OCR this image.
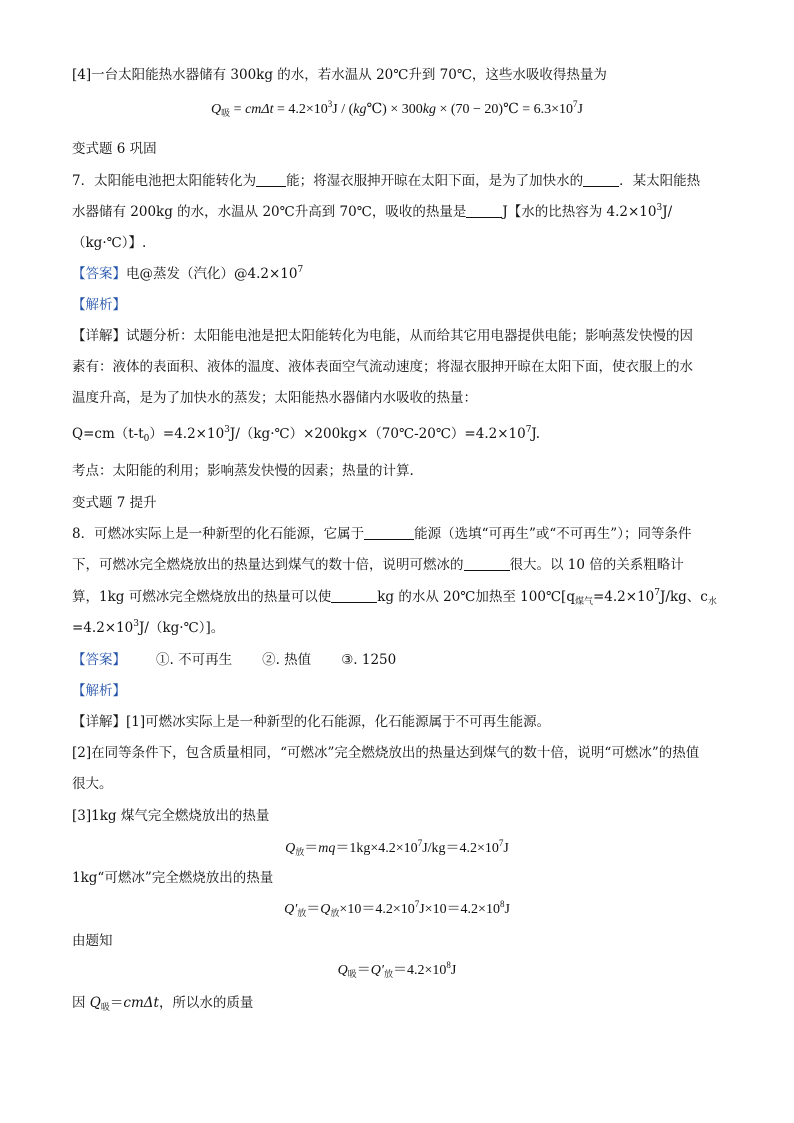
[4]一台太阳能热水器储有 300kg 的水，若水温从 20℃升到 70℃，这些水吸收得热量为
$Q_吸 = cm\Delta t = 4.2\times 10^3J$ / (kg℃) × 300kg × (70 − 20)℃ = $6.3\times 10^7J$
变式题 6 巩固
7．太阳能电池把太阳能转化为 能；将湿衣服抻开晾在太阳下面，是为了加快水的	．某太阳能热
水器储有 200kg 的水，水温从 20℃升高到 70℃，吸收的热量是	J【水的比热容为 $4.2\times 10^3J/$
（kg·℃）】.
【答案】电@蒸发（汽化）$@4.2\times 10^7$
【解析】
【详解】试题分析：太阳能电池是把太阳能转化为电能，从而给其它用电器提供电能；影响蒸发快慢的因
素有：液体的表面积、液体的温度、液体表面空气流动速度；将湿衣服抻开晾在太阳下面，使衣服上的水
温度升高，是为了加快水的蒸发；太阳能热水器储内水吸收的热量：
$Q=cm(t-t_0)=4.2\times 10^3J/(kg\cdot℃)\times 200kg\times(70℃-20℃)=4.2\times 10^7J$.
考点：太阳能的利用；影响蒸发快慢的因素；热量的计算.
变式题 7 提升
8．可燃冰实际上是一种新型的化石能源，它属于	能源（选填“可再生”或“不可再生”）；同等条件
下，可燃冰完全燃烧放出的热量达到煤气的数十倍，说明可燃冰的	很大。以 10 倍的关系粗略计
算，1kg 可燃冰完全燃烧放出的热量可以使	kg 的水从 20℃加热至 $100℃[q_{煤气}=4.2\times 10^7J/kg$、$c_水$
$=4.2\times 10^3J/(kg\cdot℃)$]。
【答案】 ①. 不可再生 ②. 热值 ③. 1250
【解析】
【详解】[1]可燃冰实际上是一种新型的化石能源，化石能源属于不可再生能源。
[2]在同等条件下，包含质量相同，“可燃冰”完全燃烧放出的热量达到煤气的数十倍，说明“可燃冰”的热值
很大。
[3]1kg 煤气完全燃烧放出的热量
$Q_放=mq=1kg\times 4.2\times 10^7J/kg=4.2\times 10^7J$
1kg“可燃冰”完全燃烧放出的热量
$Q'_放=Q_放\times 10=4.2\times 10^7J\times 10=4.2\times 10^8J$
由题知
$Q_吸=Q'_放=4.2\times 10^8J$
因 $Q_吸=cm\Delta t$，所以水的质量
